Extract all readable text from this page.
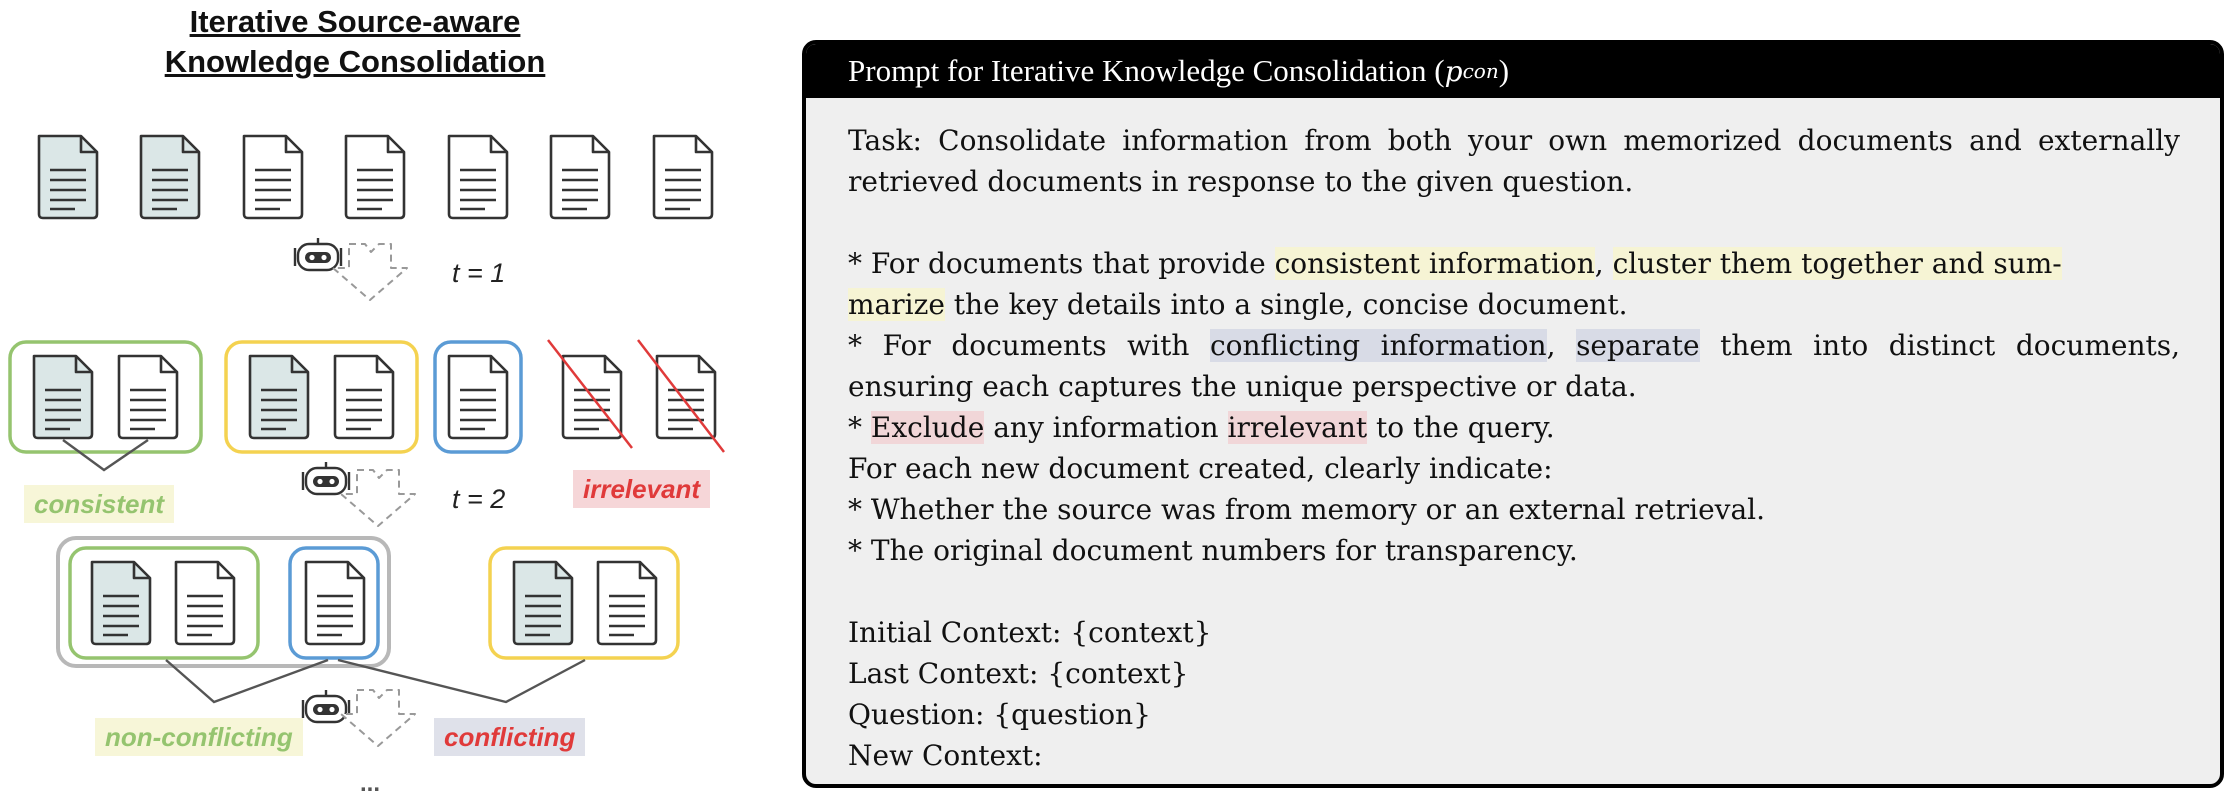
Iterative Source-aware
Knowledge Consolidation
t = 1
t = 2
consistent	irrelevant
non-conflicting	conflicting
...
Prompt for Iterative Knowledge Consolidation ( p con )

Task: Consolidate information from both your own memorized documents and externally retrieved documents in response to the given question.

* For documents that provide consistent information, cluster them together and sum-
marize the key details into a single, concise document.

* For documents with conflicting information, separate them into distinct documents, ensuring each captures the unique perspective or data.

* Exclude any information irrelevant to the query.

For each new document created, clearly indicate:

* Whether the source was from memory or an external retrieval.

* The original document numbers for transparency.

Initial Context: {context}

Last Context: {context}

Question: {question}

New Context:
